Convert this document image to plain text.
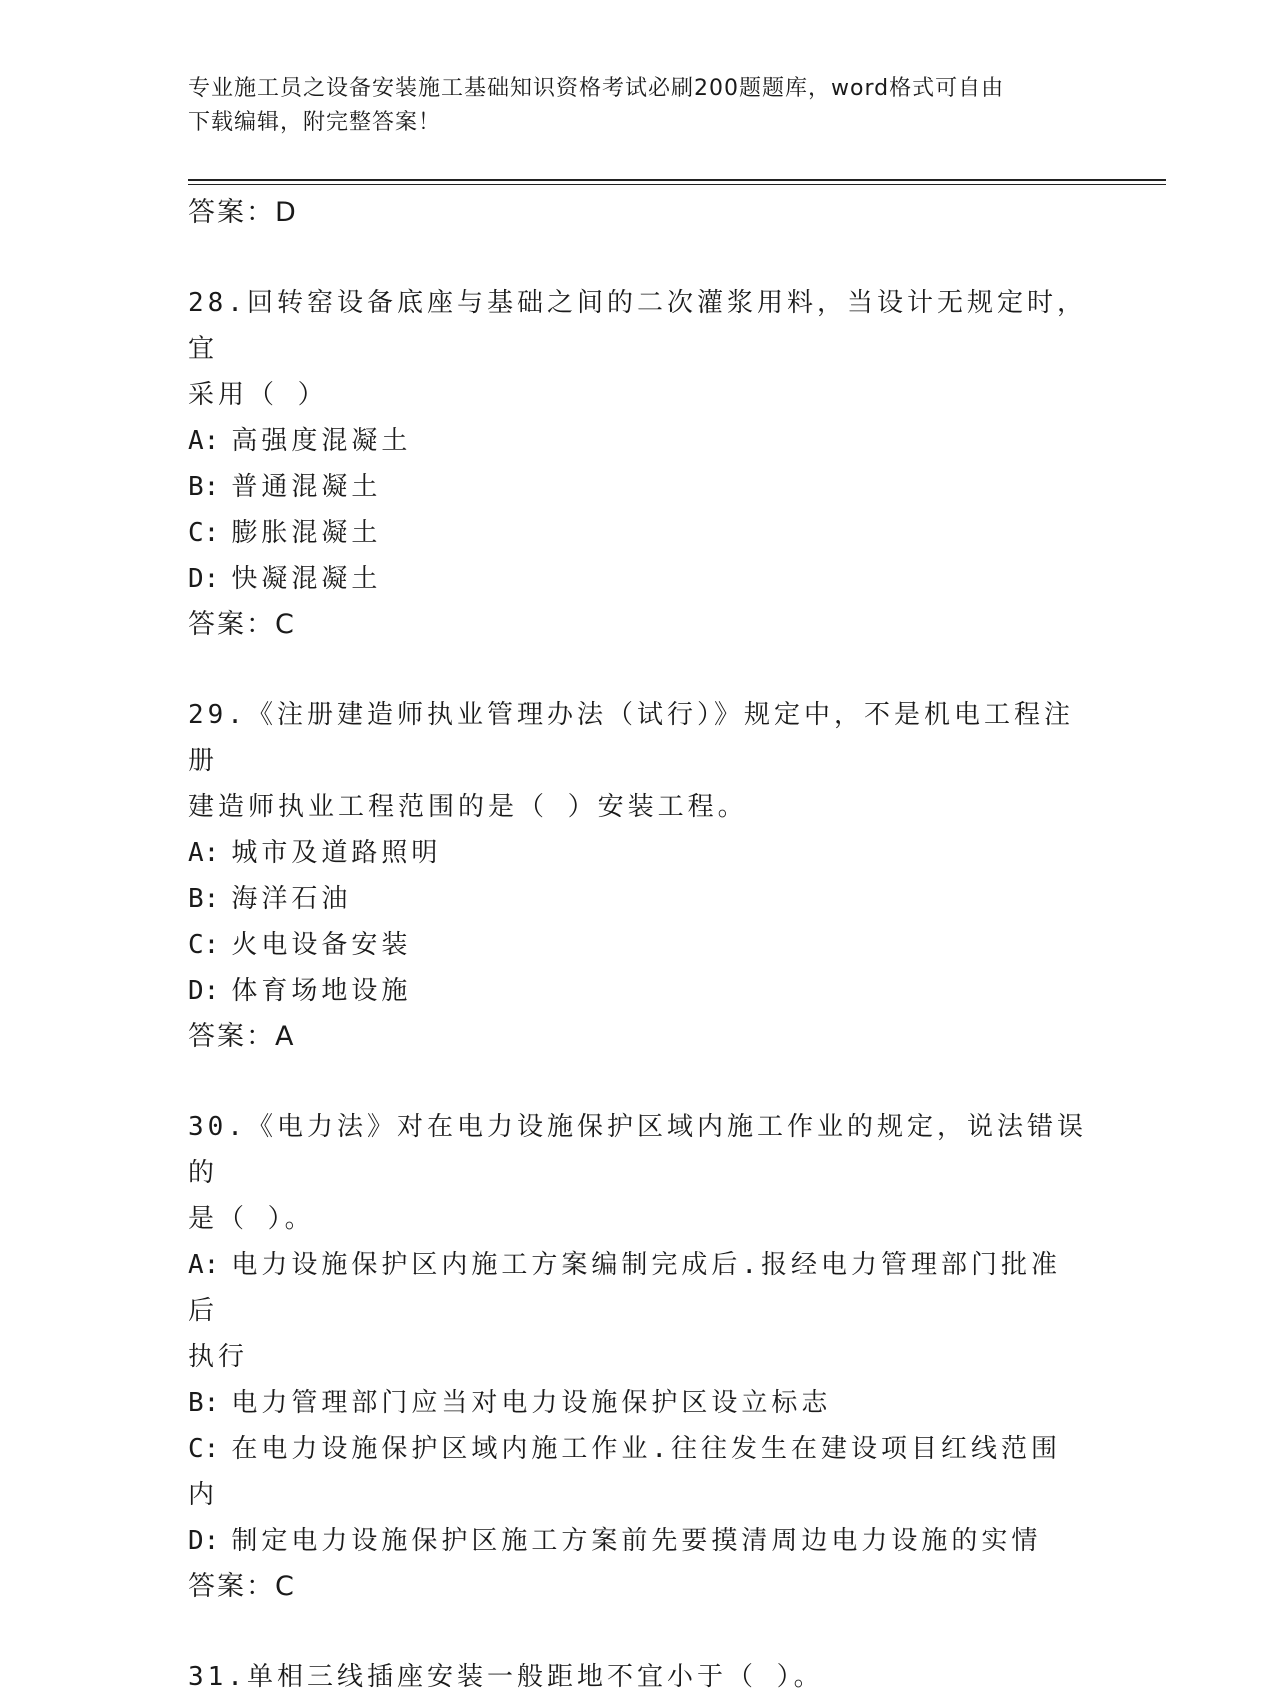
专业施工员之设备安装施工基础知识资格考试必刷200题题库，word格式可自由
下载编辑，附完整答案！
答案：D
28.回转窑设备底座与基础之间的二次灌浆用料，当设计无规定时，宜
采用（ ）
A: 高强度混凝土
B: 普通混凝土
C: 膨胀混凝土
D: 快凝混凝土
答案：C
29.《注册建造师执业管理办法（试行）》规定中，不是机电工程注册
建造师执业工程范围的是（ ）安装工程。
A: 城市及道路照明
B: 海洋石油
C: 火电设备安装
D: 体育场地设施
答案：A
30.《电力法》对在电力设施保护区域内施工作业的规定，说法错误的
是（ ）。
A: 电力设施保护区内施工方案编制完成后.报经电力管理部门批准后
执行
B: 电力管理部门应当对电力设施保护区设立标志
C: 在电力设施保护区域内施工作业.往往发生在建设项目红线范围内
D: 制定电力设施保护区施工方案前先要摸清周边电力设施的实情
答案：C
31.单相三线插座安装一般距地不宜小于（ ）。
